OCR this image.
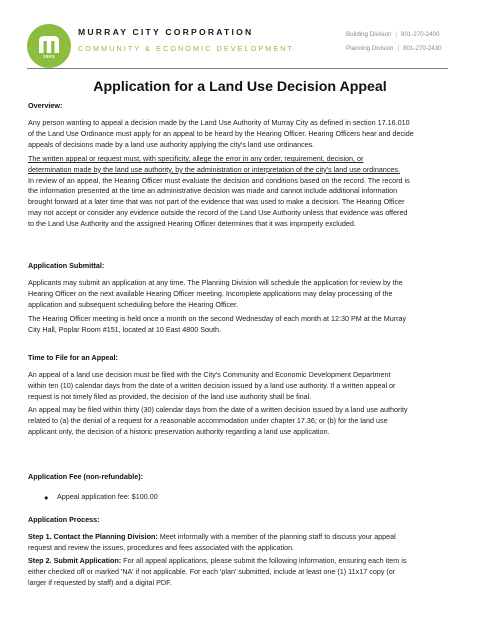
1903
MURRAY CITY CORPORATION
COMMUNITY & ECONOMIC DEVELOPMENT
Building Division | 801-270-2400
Planning Division | 801-270-2430
Application for a Land Use Decision Appeal
Overview:
Any person wanting to appeal a decision made by the Land Use Authority of Murray City as defined in section 17.16.010
of the Land Use Ordinance must apply for an appeal to be heard by the Hearing Officer. Hearing Officers hear and decide
appeals of decisions made by a land use authority applying the city's land use ordinances.
The written appeal or request must, with specificity, allege the error in any order, requirement, decision, or
determination made by the land use authority, by the administration or interpretation of the city's land use ordinances.
In review of an appeal, the Hearing Officer must evaluate the decision and conditions based on the record. The record is
the information presented at the time an administrative decision was made and cannot include additional information
brought forward at a later time that was not part of the evidence that was used to make a decision. The Hearing Officer
may not accept or consider any evidence outside the record of the Land Use Authority unless that evidence was offered
to the Land Use Authority and the assigned Hearing Officer determines that it was improperly excluded.
Application Submittal:
Applicants may submit an application at any time. The Planning Division will schedule the application for review by the
Hearing Officer on the next available Hearing Officer meeting. Incomplete applications may delay processing of the
application and subsequent scheduling before the Hearing Officer.
The Hearing Officer meeting is held once a month on the second Wednesday of each month at 12:30 PM at the Murray
City Hall, Poplar Room #151, located at 10 East 4800 South.
Time to File for an Appeal:
An appeal of a land use decision must be filed with the City's Community and Economic Development Department
within ten (10) calendar days from the date of a written decision issued by a land use authority. If a written appeal or
request is not timely filed as provided, the decision of the land use authority shall be final.
An appeal may be filed within thirty (30) calendar days from the date of a written decision issued by a land use authority
related to (a) the denial of a request for a reasonable accommodation under chapter 17.36; or (b) for the land use
applicant only, the decision of a historic preservation authority regarding a land use application.
Application Fee (non-refundable):
● Appeal application fee: $100.00
Application Process:
Step 1. Contact the Planning Division: Meet informally with a member of the planning staff to discuss your appeal
request and review the issues, procedures and fees associated with the application.
Step 2. Submit Application: For all appeal applications, please submit the following information, ensuring each item is
either checked off or marked 'NA' if not applicable. For each 'plan' submitted, include at least one (1) 11x17 copy (or
larger if requested by staff) and a digital PDF.
